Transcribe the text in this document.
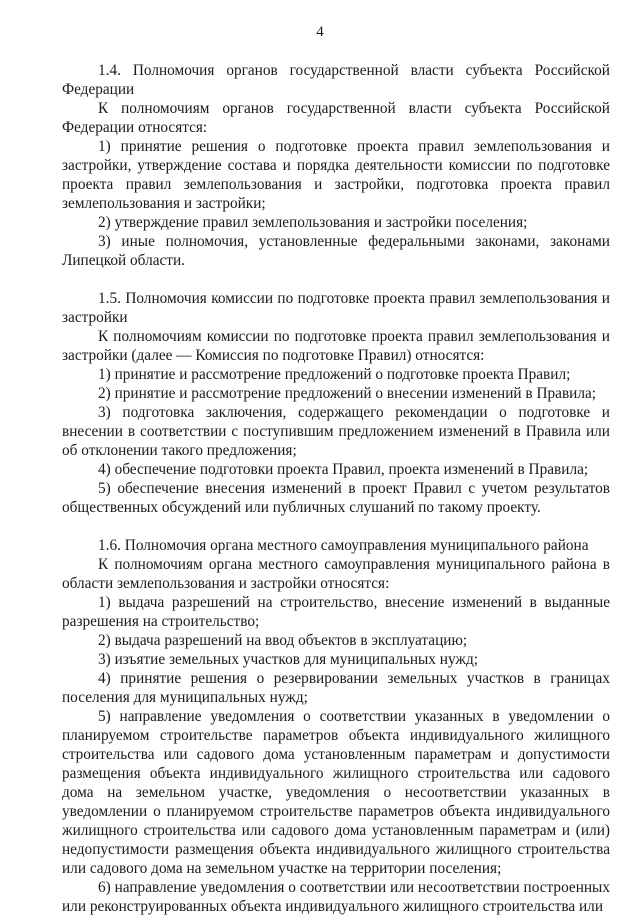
4

1.4. Полномочия органов государственной власти субъекта Российской Федерации

К полномочиям органов государственной власти субъекта Российской Федерации относятся:

1) принятие решения о подготовке проекта правил землепользования и застройки, утверждение состава и порядка деятельности комиссии по подготовке проекта правил землепользования и застройки, подготовка проекта правил землепользования и застройки;

2) утверждение правил землепользования и застройки поселения;

3) иные полномочия, установленные федеральными законами, законами Липецкой области.

1.5. Полномочия комиссии по подготовке проекта правил землепользования и застройки

К полномочиям комиссии по подготовке проекта правил землепользования и застройки (далее — Комиссия по подготовке Правил) относятся:

1) принятие и рассмотрение предложений о подготовке проекта Правил;

2) принятие и рассмотрение предложений о внесении изменений в Правила;

3) подготовка заключения, содержащего рекомендации о подготовке и внесении в соответствии с поступившим предложением изменений в Правила или об отклонении такого предложения;

4) обеспечение подготовки проекта Правил, проекта изменений в Правила;

5) обеспечение внесения изменений в проект Правил с учетом результатов общественных обсуждений или публичных слушаний по такому проекту.

1.6. Полномочия органа местного самоуправления муниципального района

К полномочиям органа местного самоуправления муниципального района в области землепользования и застройки относятся:

1) выдача разрешений на строительство, внесение изменений в выданные разрешения на строительство;

2) выдача разрешений на ввод объектов в эксплуатацию;

3) изъятие земельных участков для муниципальных нужд;

4) принятие решения о резервировании земельных участков в границах поселения для муниципальных нужд;

5) направление уведомления о соответствии указанных в уведомлении о планируемом строительстве параметров объекта индивидуального жилищного строительства или садового дома установленным параметрам и допустимости размещения объекта индивидуального жилищного строительства или садового дома на земельном участке, уведомления о несоответствии указанных в уведомлении о планируемом строительстве параметров объекта индивидуального жилищного строительства или садового дома установленным параметрам и (или) недопустимости размещения объекта индивидуального жилищного строительства или садового дома на земельном участке на территории поселения;

6) направление уведомления о соответствии или несоответствии построенных или реконструированных объекта индивидуального жилищного строительства или
